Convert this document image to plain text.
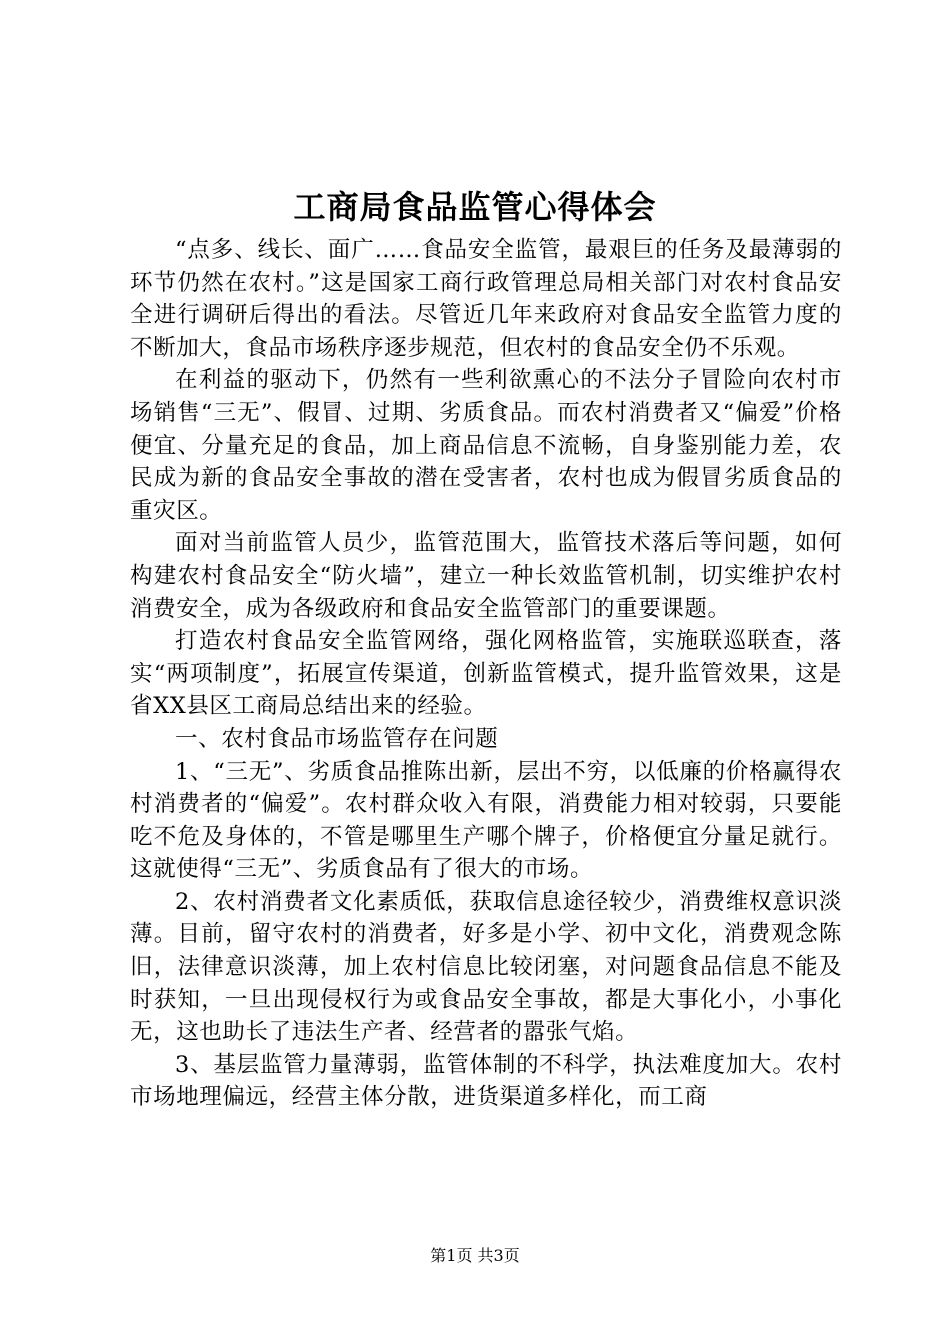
工商局食品监管心得体会

“点多、线长、面广……食品安全监管，最艰巨的任务及最薄弱的环节仍然在农村。”这是国家工商行政管理总局相关部门对农村食品安全进行调研后得出的看法。尽管近几年来政府对食品安全监管力度的不断加大，食品市场秩序逐步规范，但农村的食品安全仍不乐观。

在利益的驱动下，仍然有一些利欲熏心的不法分子冒险向农村市场销售“三无”、假冒、过期、劣质食品。而农村消费者又“偏爱”价格便宜、分量充足的食品，加上商品信息不流畅，自身鉴别能力差，农民成为新的食品安全事故的潜在受害者，农村也成为假冒劣质食品的重灾区。

面对当前监管人员少，监管范围大，监管技术落后等问题，如何构建农村食品安全“防火墙”，建立一种长效监管机制，切实维护农村消费安全，成为各级政府和食品安全监管部门的重要课题。

打造农村食品安全监管网络，强化网格监管，实施联巡联查，落实“两项制度”，拓展宣传渠道，创新监管模式，提升监管效果，这是省XX县区工商局总结出来的经验。

一、农村食品市场监管存在问题

1、“三无”、劣质食品推陈出新，层出不穷，以低廉的价格赢得农村消费者的“偏爱”。农村群众收入有限，消费能力相对较弱，只要能吃不危及身体的，不管是哪里生产哪个牌子，价格便宜分量足就行。这就使得“三无”、劣质食品有了很大的市场。

2、农村消费者文化素质低，获取信息途径较少，消费维权意识淡薄。目前，留守农村的消费者，好多是小学、初中文化，消费观念陈旧，法律意识淡薄，加上农村信息比较闭塞，对问题食品信息不能及时获知，一旦出现侵权行为或食品安全事故，都是大事化小，小事化无，这也助长了违法生产者、经营者的嚣张气焰。

3、基层监管力量薄弱，监管体制的不科学，执法难度加大。农村市场地理偏远，经营主体分散，进货渠道多样化，而工商

第1页 共3页
